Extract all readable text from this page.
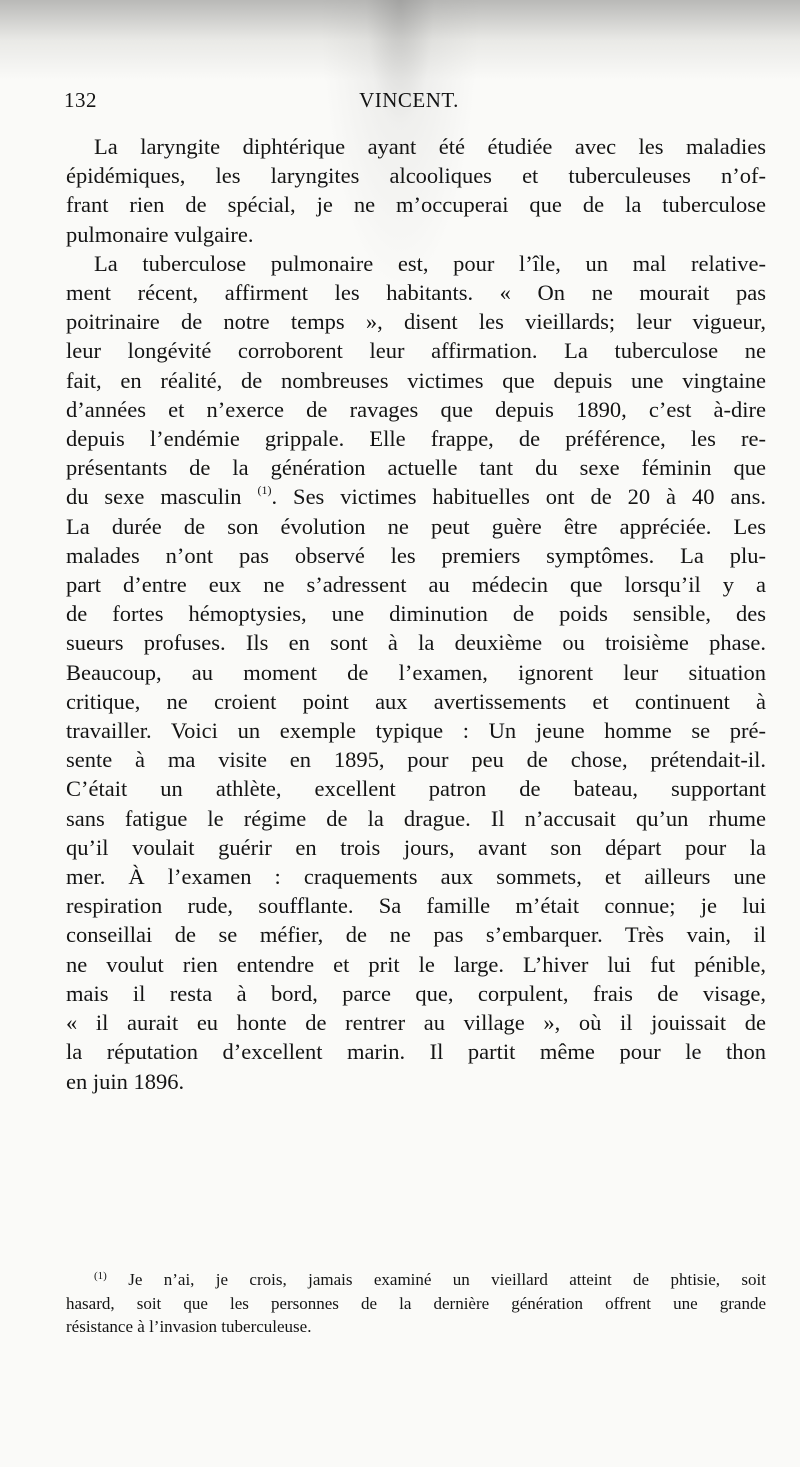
132	VINCENT.
La laryngite diphtérique ayant été étudiée avec les maladies
épidémiques, les laryngites alcooliques et tuberculeuses n’of-
frant rien de spécial, je ne m’occuperai que de la tuberculose
pulmonaire vulgaire.
La tuberculose pulmonaire est, pour l’île, un mal relative-
ment récent, affirment les habitants. « On ne mourait pas
poitrinaire de notre temps », disent les vieillards; leur vigueur,
leur longévité corroborent leur affirmation. La tuberculose ne
fait, en réalité, de nombreuses victimes que depuis une vingtaine
d’années et n’exerce de ravages que depuis 1890, c’est à-dire
depuis l’endémie grippale. Elle frappe, de préférence, les re-
présentants de la génération actuelle tant du sexe féminin que
du sexe masculin $^{(1)}$. Ses victimes habituelles ont de 20 à 40 ans.
La durée de son évolution ne peut guère être appréciée. Les
malades n’ont pas observé les premiers symptômes. La plu-
part d’entre eux ne s’adressent au médecin que lorsqu’il y a
de fortes hémoptysies, une diminution de poids sensible, des
sueurs profuses. Ils en sont à la deuxième ou troisième phase.
Beaucoup, au moment de l’examen, ignorent leur situation
critique, ne croient point aux avertissements et continuent à
travailler. Voici un exemple typique : Un jeune homme se pré-
sente à ma visite en 1895, pour peu de chose, prétendait-il.
C’était un athlète, excellent patron de bateau, supportant
sans fatigue le régime de la drague. Il n’accusait qu’un rhume
qu’il voulait guérir en trois jours, avant son départ pour la
mer. À l’examen : craquements aux sommets, et ailleurs une
respiration rude, soufflante. Sa famille m’était connue; je lui
conseillai de se méfier, de ne pas s’embarquer. Très vain, il
ne voulut rien entendre et prit le large. L’hiver lui fut pénible,
mais il resta à bord, parce que, corpulent, frais de visage,
« il aurait eu honte de rentrer au village », où il jouissait de
la réputation d’excellent marin. Il partit même pour le thon
en juin 1896.
$^{(1)}$ Je n’ai, je crois, jamais examiné un vieillard atteint de phtisie, soit
hasard, soit que les personnes de la dernière génération offrent une grande
résistance à l’invasion tuberculeuse.
